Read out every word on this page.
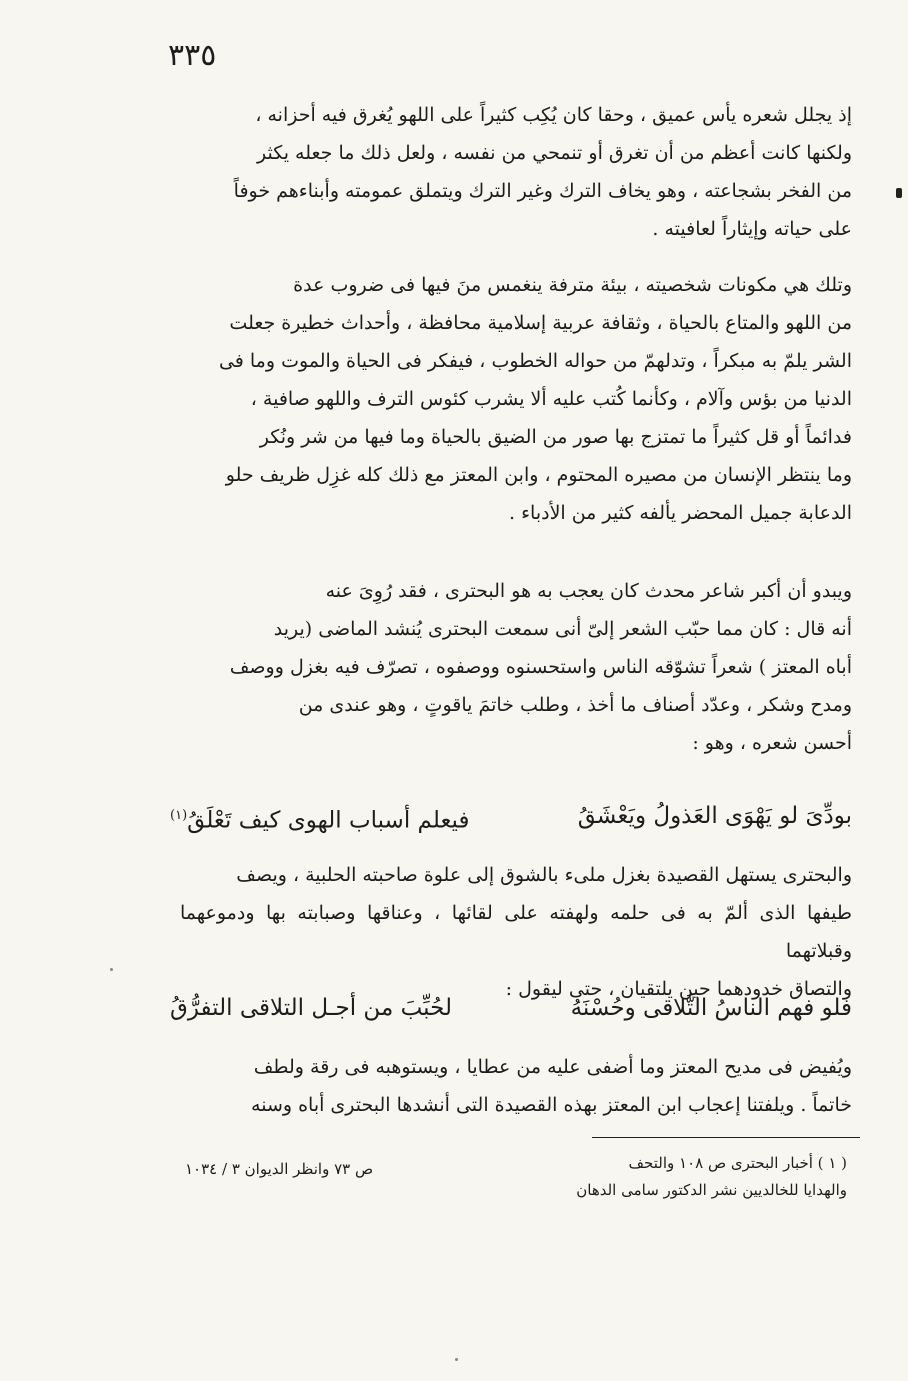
٣٣٥

إذ يجلل شعره يأس عميق ، وحقا كان يُكِب كثيراً على اللهو يُغرق فيه أحزانه ،

ولكنها كانت أعظم من أن تغرق أو تنمحي من نفسه ، ولعل ذلك ما جعله يكثر

من الفخر بشجاعته ، وهو يخاف الترك وغير الترك ويتملق عمومته وأبناءهم خوفاً

على حياته وإيثاراً لعافيته .

وتلك هي مكونات شخصيته ، بيئة مترفة ينغمس منَ فيها فى ضروب عدة

من اللهو والمتاع بالحياة ، وثقافة عربية إسلامية محافظة ، وأحداث خطيرة جعلت

الشر يلمّ به مبكراً ، وتدلهمّ من حواله الخطوب ، فيفكر فى الحياة والموت وما فى

الدنيا من بؤس وآلام ، وكأنما كُتب عليه ألا يشرب كئوس الترف واللهو صافية ،

فدائماً أو قل كثيراً ما تمتزج بها صور من الضيق بالحياة وما فيها من شر ونُكر

وما ينتظر الإنسان من مصيره المحتوم ، وابن المعتز مع ذلك كله غزِل ظريف حلو

الدعابة جميل المحضر يألفه كثير من الأدباء .

ويبدو أن أكبر شاعر محدث كان يعجب به هو البحترى ، فقد رُوِىَ عنه

أنه قال : كان مما حبّب الشعر إلىّ أنى سمعت البحترى يُنشد الماضى (يريد

أباه المعتز ) شعراً تشوّقه الناس واستحسنوه ووصفوه ، تصرّف فيه بغزل ووصف

ومدح وشكر ، وعدّد أصناف ما أخذ ، وطلب خاتمَ ياقوتٍ ، وهو عندى من

أحسن شعره ، وهو :

بودِّىَ لو يَهْوَى العَذولُ ويَعْشَقُ
فيعلم أسباب الهوى كيف تَعْلَقُ$^{(١)}$

والبحترى يستهل القصيدة بغزل ملىء بالشوق إلى علوة صاحبته الحلبية ، ويصف

طيفها الذى ألمّ به فى حلمه ولهفته على لقائها ، وعناقها وصبابته بها ودموعهما وقبلاتهما

والتصاق خدودهما حين يلتقيان ، حتى ليقول :

فلو فهم الناسُ التَّلاقى وحُسْنَهُ
لحُبِّبَ من أجـل التلاقى التفرُّقُ

ويُفيض فى مديح المعتز وما أضفى عليه من عطايا ، ويستوهبه فى رقة ولطف

خاتماً . ويلفتنا إعجاب ابن المعتز بهذه القصيدة التى أنشدها البحترى أباه وسنه

( ١ ) أخبار البحترى ص ١٠٨ والتحف
والهدايا للخالديين نشر الدكتور سامى الدهان
ص ٧٣ وانظر الديوان ٣ / ١٠٣٤
